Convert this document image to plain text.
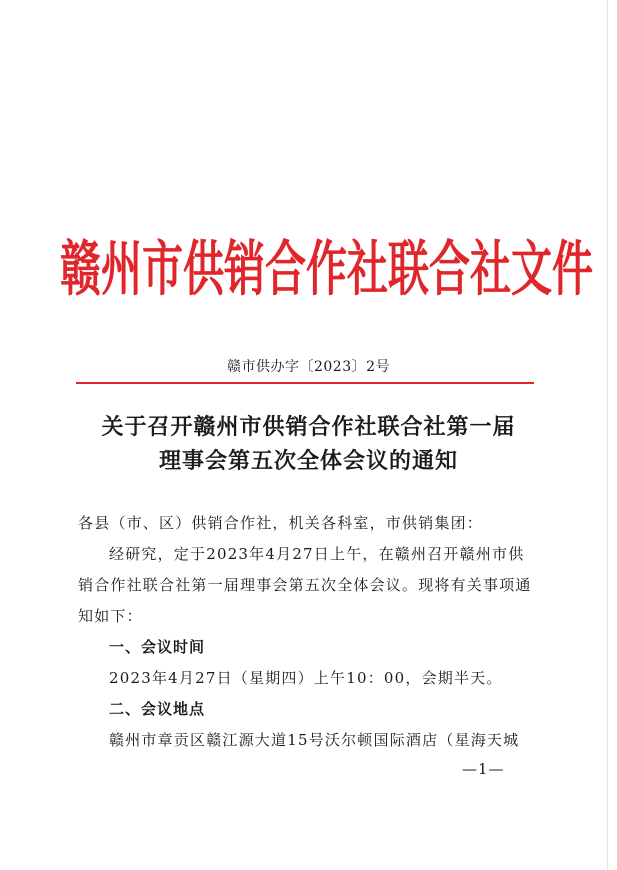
赣州市供销合作社联合社文件
赣市供办字〔2023〕2号
关于召开赣州市供销合作社联合社第一届
理事会第五次全体会议的通知
各县（市、区）供销合作社，机关各科室，市供销集团：
经研究，定于2023年4月27日上午，在赣州召开赣州市供销合作社联合社第一届理事会第五次全体会议。现将有关事项通知如下：
一、会议时间
2023年4月27日（星期四）上午10：00，会期半天。
二、会议地点
赣州市章贡区赣江源大道15号沃尔顿国际酒店（星海天城
—1—
